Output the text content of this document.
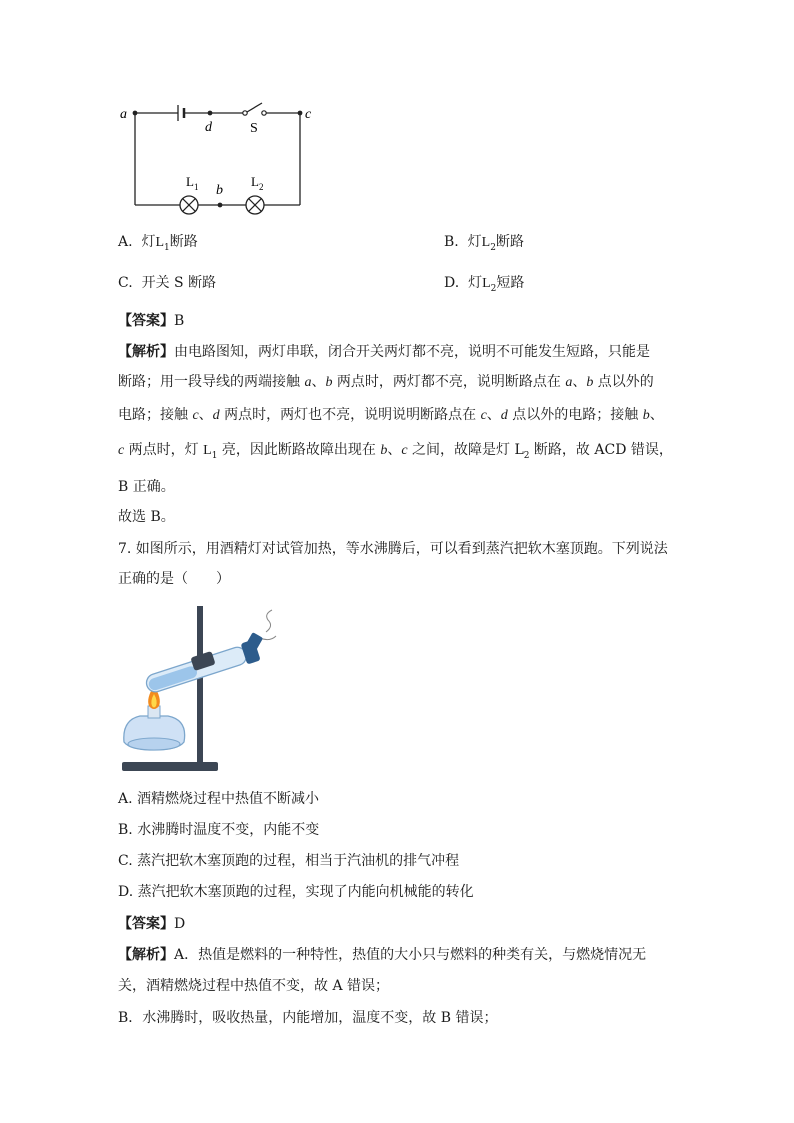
a
d	S
c
L 1 b
L 2
A. 灯$L_1$断路	B. 灯$L_2$断路
C. 开关 S 断路	D. 灯$L_2$短路
【答案】B
【解析】由电路图知，两灯串联，闭合开关两灯都不亮，说明不可能发生短路，只能是
断路；用一段导线的两端接触 a、b 两点时，两灯都不亮，说明断路点在 a、b 点以外的
电路；接触 c、d 两点时，两灯也不亮，说明说明断路点在 c、d 点以外的电路；接触 b、
c 两点时，灯 $L_1$ 亮，因此断路故障出现在 b、c 之间，故障是灯 $L_2$ 断路，故 ACD 错误，
B 正确。
故选 B。
7. 如图所示，用酒精灯对试管加热，等水沸腾后，可以看到蒸汽把软木塞顶跑。下列说法
正确的是（　　）
A. 酒精燃烧过程中热值不断减小
B. 水沸腾时温度不变，内能不变
C. 蒸汽把软木塞顶跑的过程，相当于汽油机的排气冲程
D. 蒸汽把软木塞顶跑的过程，实现了内能向机械能的转化
【答案】D
【解析】A．热值是燃料的一种特性，热值的大小只与燃料的种类有关，与燃烧情况无
关，酒精燃烧过程中热值不变，故 A 错误；
B．水沸腾时，吸收热量，内能增加，温度不变，故 B 错误；
